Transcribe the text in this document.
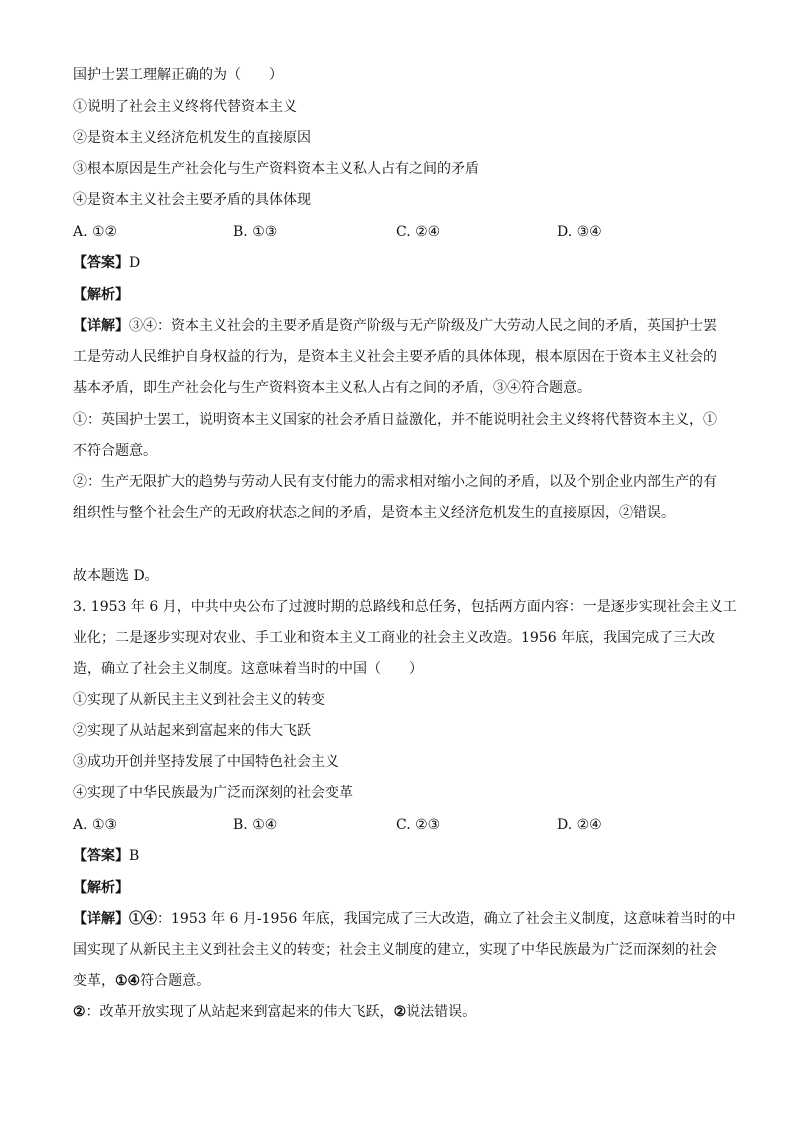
国护士罢工理解正确的为（　　）
①说明了社会主义终将代替资本主义
②是资本主义经济危机发生的直接原因
③根本原因是生产社会化与生产资料资本主义私人占有之间的矛盾
④是资本主义社会主要矛盾的具体体现
A. ①②	B. ①③	C. ②④	D. ③④
【答案】D
【解析】
【详解】③④：资本主义社会的主要矛盾是资产阶级与无产阶级及广大劳动人民之间的矛盾，英国护士罢
工是劳动人民维护自身权益的行为，是资本主义社会主要矛盾的具体体现，根本原因在于资本主义社会的
基本矛盾，即生产社会化与生产资料资本主义私人占有之间的矛盾，③④符合题意。
①：英国护士罢工，说明资本主义国家的社会矛盾日益激化，并不能说明社会主义终将代替资本主义，①
不符合题意。
②：生产无限扩大的趋势与劳动人民有支付能力的需求相对缩小之间的矛盾，以及个别企业内部生产的有
组织性与整个社会生产的无政府状态之间的矛盾，是资本主义经济危机发生的直接原因，②错误。
故本题选 D。
3. 1953 年 6 月，中共中央公布了过渡时期的总路线和总任务，包括两方面内容：一是逐步实现社会主义工
业化；二是逐步实现对农业、手工业和资本主义工商业的社会主义改造。1956 年底，我国完成了三大改
造，确立了社会主义制度。这意味着当时的中国（　　）
①实现了从新民主主义到社会主义的转变
②实现了从站起来到富起来的伟大飞跃
③成功开创并坚持发展了中国特色社会主义
④实现了中华民族最为广泛而深刻的社会变革
A. ①③	B. ①④	C. ②③	D. ②④
【答案】B
【解析】
【详解】①④：1953 年 6 月-1956 年底，我国完成了三大改造，确立了社会主义制度，这意味着当时的中
国实现了从新民主主义到社会主义的转变；社会主义制度的建立，实现了中华民族最为广泛而深刻的社会
变革，①④符合题意。
②：改革开放实现了从站起来到富起来的伟大飞跃，②说法错误。
